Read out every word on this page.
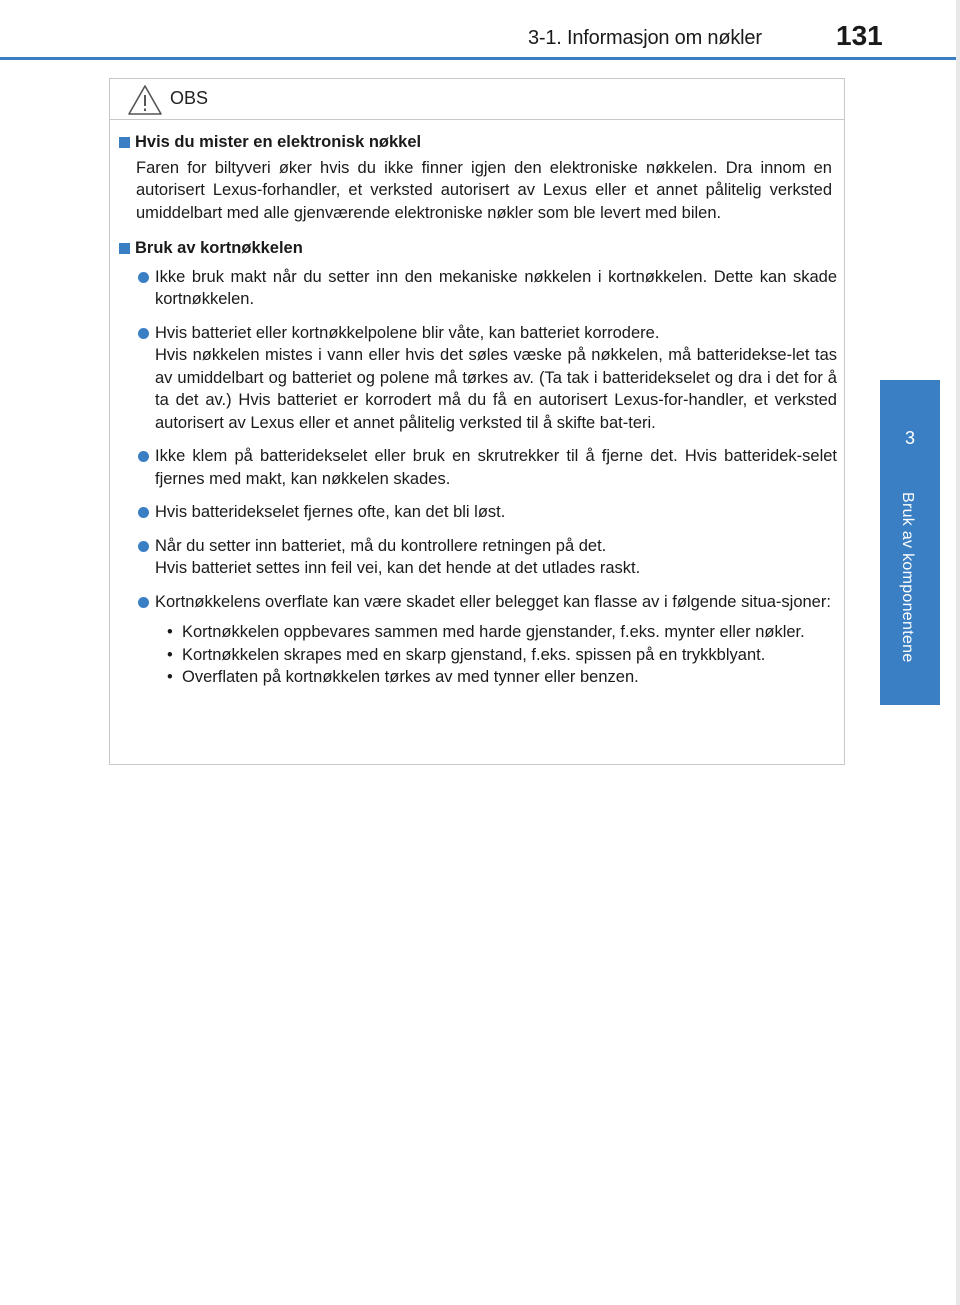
3-1. Informasjon om nøkler	131
3
Bruk av komponentene
OBS
Hvis du mister en elektronisk nøkkel

Faren for biltyveri øker hvis du ikke finner igjen den elektroniske nøkkelen. Dra innom en autorisert Lexus-forhandler, et verksted autorisert av Lexus eller et annet pålitelig verksted umiddelbart med alle gjenværende elektroniske nøkler som ble levert med bilen.

Bruk av kortnøkkelen

Ikke bruk makt når du setter inn den mekaniske nøkkelen i kortnøkkelen. Dette kan skade kortnøkkelen.

Hvis batteriet eller kortnøkkelpolene blir våte, kan batteriet korrodere.

Hvis nøkkelen mistes i vann eller hvis det søles væske på nøkkelen, må batteridekse-let tas av umiddelbart og batteriet og polene må tørkes av. (Ta tak i batteridekselet og dra i det for å ta det av.) Hvis batteriet er korrodert må du få en autorisert Lexus-for-handler, et verksted autorisert av Lexus eller et annet pålitelig verksted til å skifte bat-teri.

Ikke klem på batteridekselet eller bruk en skrutrekker til å fjerne det. Hvis batteridek-selet fjernes med makt, kan nøkkelen skades.

Hvis batteridekselet fjernes ofte, kan det bli løst.

Når du setter inn batteriet, må du kontrollere retningen på det.

Hvis batteriet settes inn feil vei, kan det hende at det utlades raskt.

Kortnøkkelens overflate kan være skadet eller belegget kan flasse av i følgende situa-sjoner:

• Kortnøkkelen oppbevares sammen med harde gjenstander, f.eks. mynter eller nøkler.
• Kortnøkkelen skrapes med en skarp gjenstand, f.eks. spissen på en trykkblyant.
• Overflaten på kortnøkkelen tørkes av med tynner eller benzen.
